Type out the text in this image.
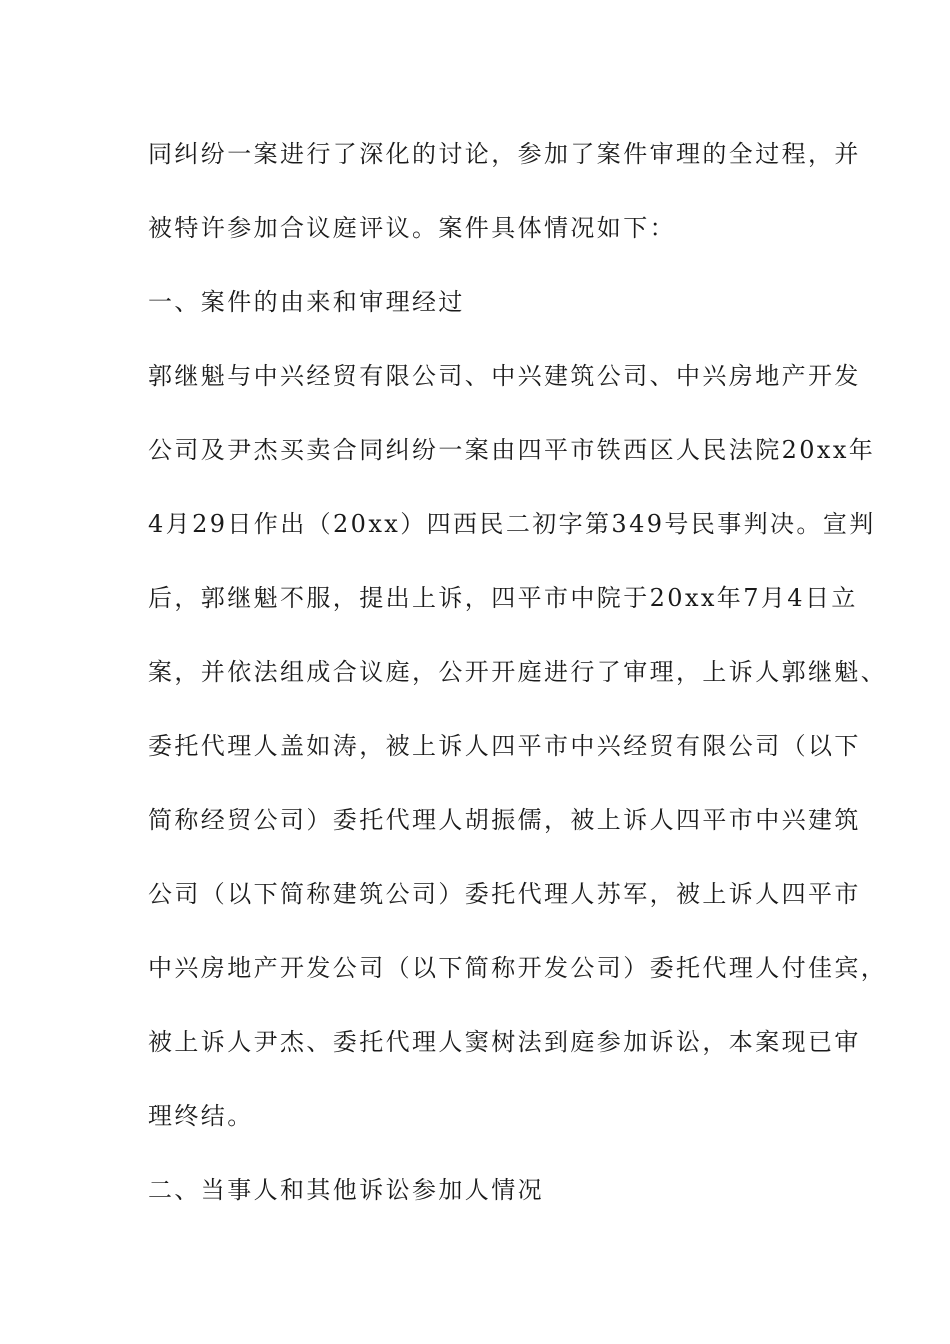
同纠纷一案进行了深化的讨论，参加了案件审理的全过程，并

被特许参加合议庭评议。案件具体情况如下：

一、案件的由来和审理经过

郭继魁与中兴经贸有限公司、中兴建筑公司、中兴房地产开发

公司及尹杰买卖合同纠纷一案由四平市铁西区人民法院20xx年

4月29日作出（20xx）四西民二初字第349号民事判决。宣判

后，郭继魁不服，提出上诉，四平市中院于20xx年7月4日立

案，并依法组成合议庭，公开开庭进行了审理，上诉人郭继魁、

委托代理人盖如涛，被上诉人四平市中兴经贸有限公司（以下

简称经贸公司）委托代理人胡振儒，被上诉人四平市中兴建筑

公司（以下简称建筑公司）委托代理人苏军，被上诉人四平市

中兴房地产开发公司（以下简称开发公司）委托代理人付佳宾，

被上诉人尹杰、委托代理人窦树法到庭参加诉讼，本案现已审

理终结。

二、当事人和其他诉讼参加人情况
